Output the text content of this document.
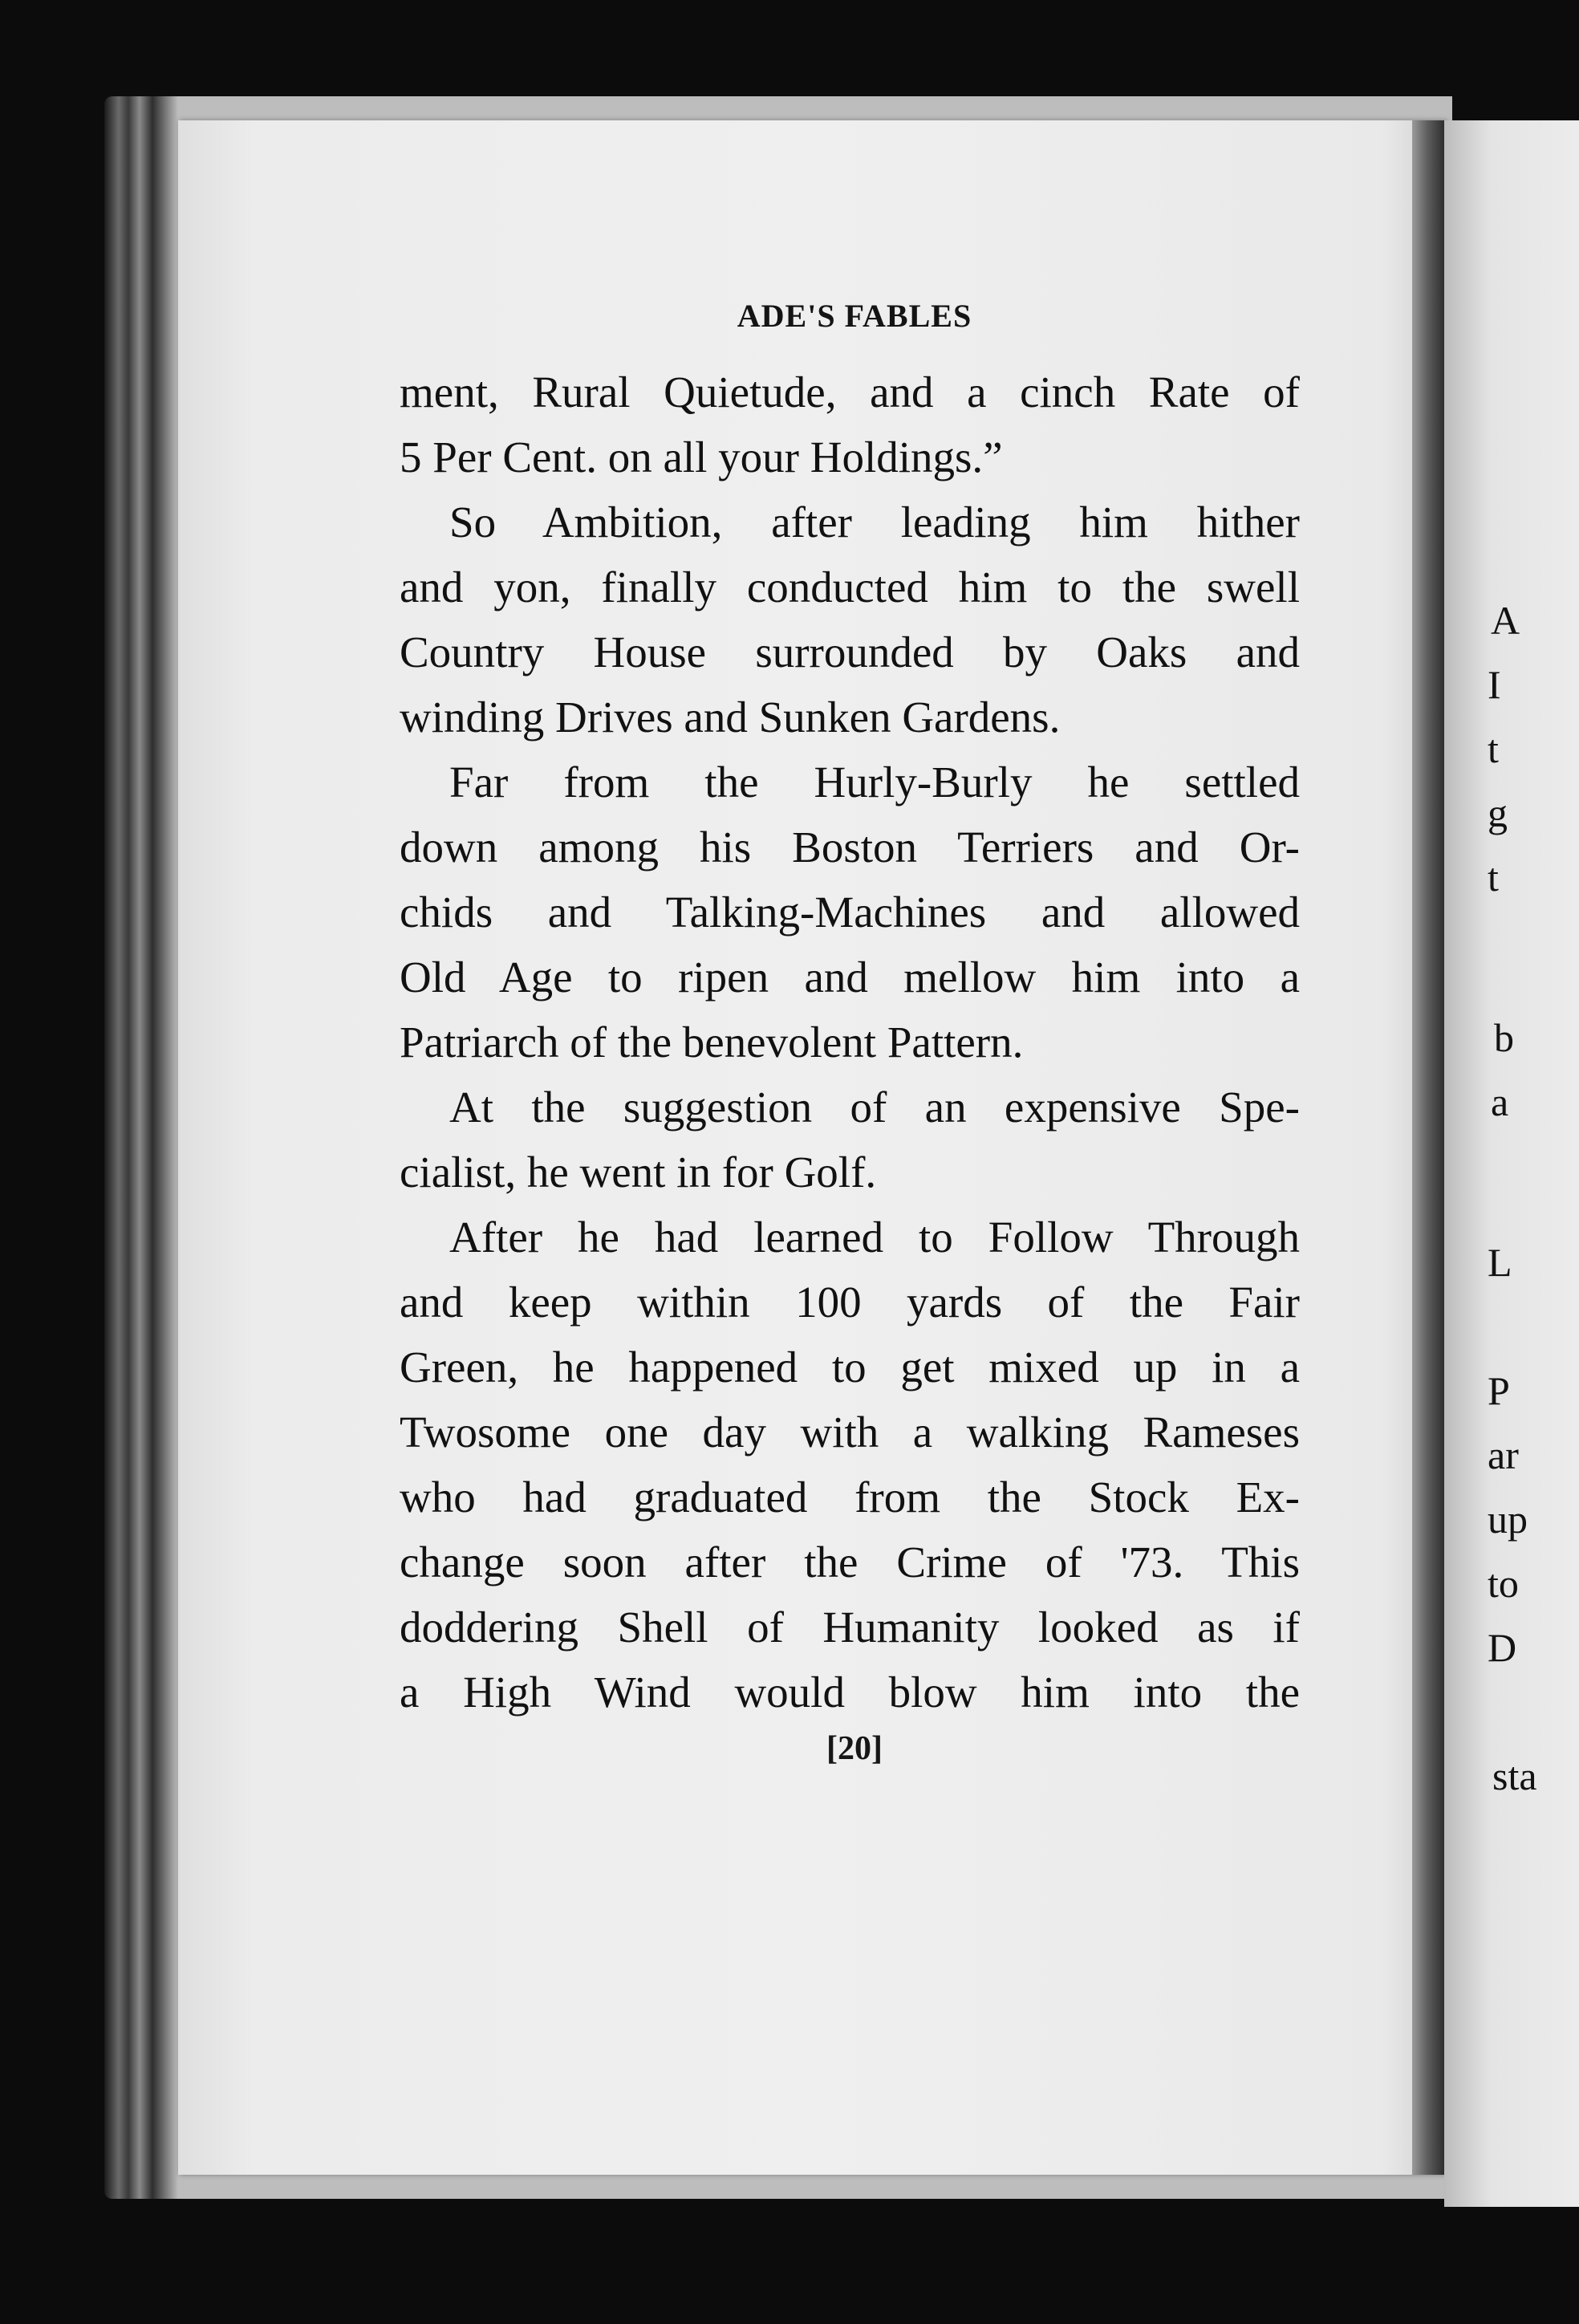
A
I
t
g
t
b
a
L
P
ar
up
to
D
sta
ADE'S FABLES
ment, Rural Quietude, and a cinch Rate of
5 Per Cent. on all your Holdings.”
So Ambition, after leading him hither
and yon, finally conducted him to the swell
Country House surrounded by Oaks and
winding Drives and Sunken Gardens.
Far from the Hurly-Burly he settled
down among his Boston Terriers and Or-
chids and Talking-Machines and allowed
Old Age to ripen and mellow him into a
Patriarch of the benevolent Pattern.
At the suggestion of an expensive Spe-
cialist, he went in for Golf.
After he had learned to Follow Through
and keep within 100 yards of the Fair
Green, he happened to get mixed up in a
Twosome one day with a walking Rameses
who had graduated from the Stock Ex-
change soon after the Crime of '73. This
doddering Shell of Humanity looked as if
a High Wind would blow him into the
[20]
